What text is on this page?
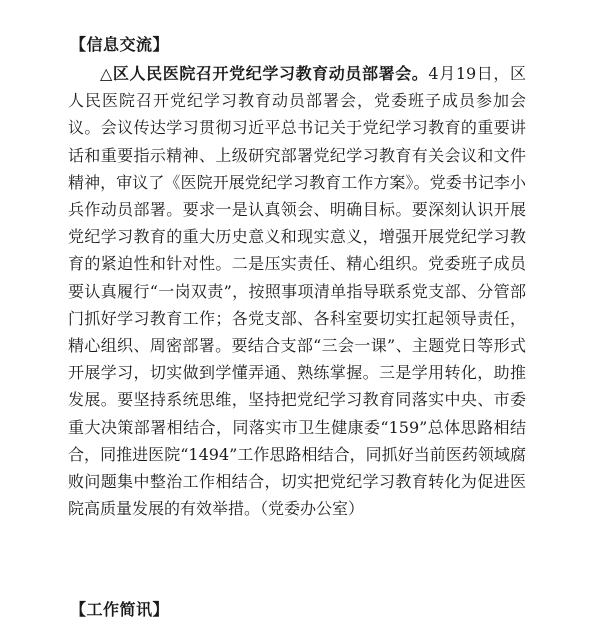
【信息交流】
△区人民医院召开党纪学习教育动员部署会。4月19日，区人民医院召开党纪学习教育动员部署会，党委班子成员参加会议。会议传达学习贯彻习近平总书记关于党纪学习教育的重要讲话和重要指示精神、上级研究部署党纪学习教育有关会议和文件精神，审议了《医院开展党纪学习教育工作方案》。党委书记李小兵作动员部署。要求一是认真领会、明确目标。要深刻认识开展党纪学习教育的重大历史意义和现实意义，增强开展党纪学习教育的紧迫性和针对性。二是压实责任、精心组织。党委班子成员要认真履行“一岗双责”，按照事项清单指导联系党支部、分管部门抓好学习教育工作；各党支部、各科室要切实扛起领导责任，精心组织、周密部署。要结合支部“三会一课”、主题党日等形式开展学习，切实做到学懂弄通、熟练掌握。三是学用转化，助推发展。要坚持系统思维，坚持把党纪学习教育同落实中央、市委重大决策部署相结合，同落实市卫生健康委“159”总体思路相结合，同推进医院“1494”工作思路相结合，同抓好当前医药领域腐败问题集中整治工作相结合，切实把党纪学习教育转化为促进医院高质量发展的有效举措。（党委办公室）
【工作简讯】
